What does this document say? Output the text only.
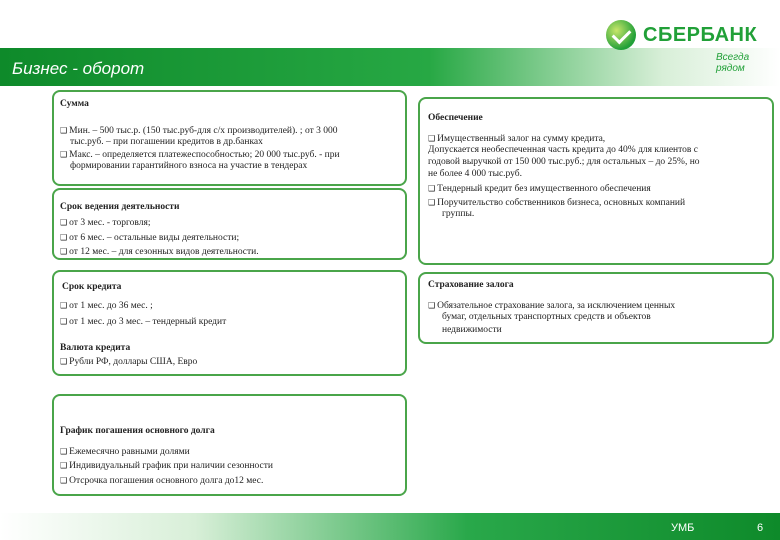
Бизнес - оборот
СБЕРБАНК
Всегда рядом
Сумма
❑ Мин. – 500 тыс.р. (150 тыс.руб-для с/х производителей). ; от 3 000
тыс.руб. – при погашении кредитов в др.банках
❑ Макс. – определяется платежеспособностью; 20 000 тыс.руб. - при
формировании гарантийного взноса на участие в тендерах
Срок ведения деятельности
❑ от 3 мес. - торговля;
❑ от 6 мес. – остальные виды деятельности;
❑ от 12 мес. – для сезонных видов деятельности.
Обеспечение
❑ Имущественный залог на сумму кредита,
Допускается необеспеченная часть кредита до 40% для клиентов с
годовой выручкой от 150 000 тыс.руб.; для остальных – до 25%, но
не более 4 000 тыс.руб.
❑ Тендерный кредит без имущественного обеспечения
❑ Поручительство собственников бизнеса, основных компаний
группы.
Срок кредита
❑ от 1 мес. до 36 мес. ;
❑ от 1 мес. до 3 мес. – тендерный кредит
Валюта кредита
❑ Рубли РФ, доллары США, Евро
Страхование залога
❑ Обязательное страхование залога, за исключением ценных
бумаг, отдельных транспортных средств и объектов
недвижимости
График погашения основного долга
❑ Ежемесячно равными долями
❑ Индивидуальный график при наличии сезонности
❑ Отсрочка погашения основного долга до12 мес.
УМБ	6
